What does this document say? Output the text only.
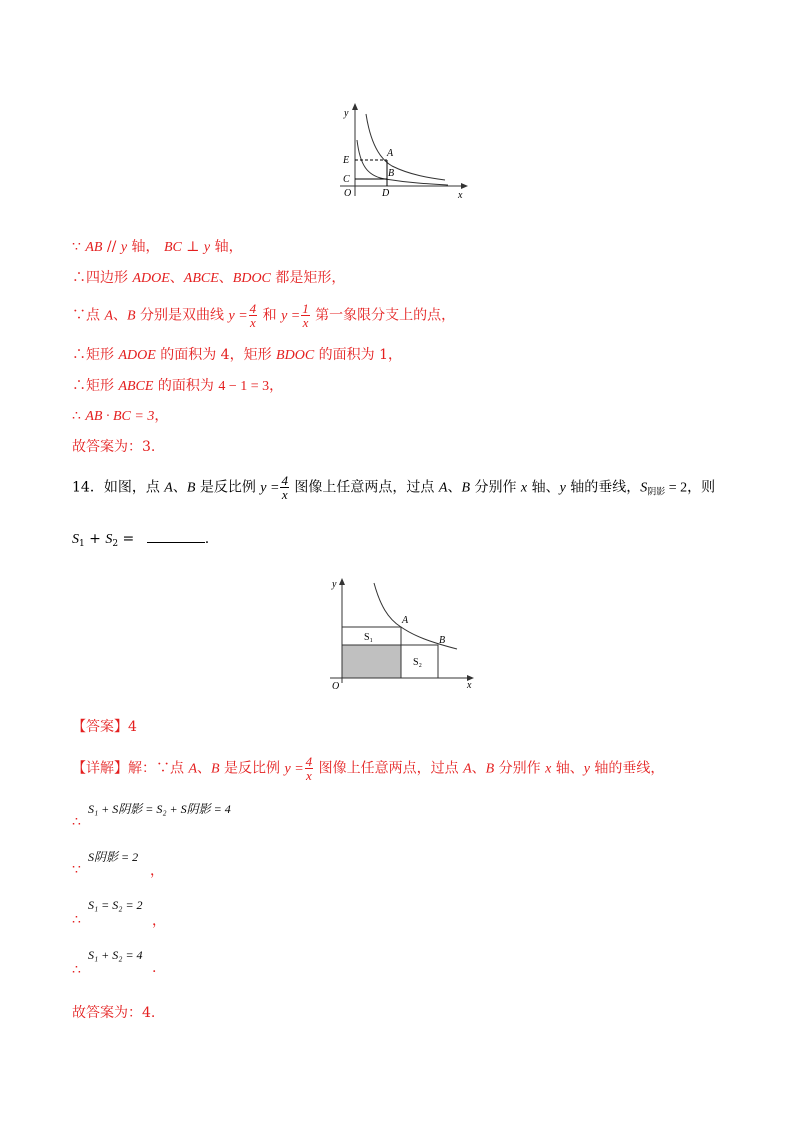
y
x
O
A
B
C
D
E
∵ AB // y 轴， BC ⊥ y 轴，
∴四边形 ADOE、ABCE、BDOC 都是矩形，
∵点 A、B 分别是双曲线 $y = \frac{4}{x}$ 和 $y = \frac{1}{x}$ 第一象限分支上的点，
∴矩形 ADOE 的面积为 4，矩形 BDOC 的面积为 1，
∴矩形 ABCE 的面积为 4 − 1 = 3，
∴ AB · BC = 3，
故答案为：3.
14．如图，点 A、B 是反比例 $y = \frac{4}{x}$ 图像上任意两点，过点 A、B 分别作 x 轴、y 轴的垂线，$S_{阴影} = 2$，则
$S_1 + S_2$ =	.
y
x
O
A
B
S₁
S₂
【答案】4
【详解】解：∵点 A、B 是反比例 $y = \frac{4}{x}$ 图像上任意两点，过点 A、B 分别作 x 轴、y 轴的垂线，
S₁ + S阴影 = S₂ + S阴影 = 4
∴
S阴影 = 2
，
∵
S₁ = S₂ = 2
，
∴
S₁ + S₂ = 4
.
∴
故答案为：4.
